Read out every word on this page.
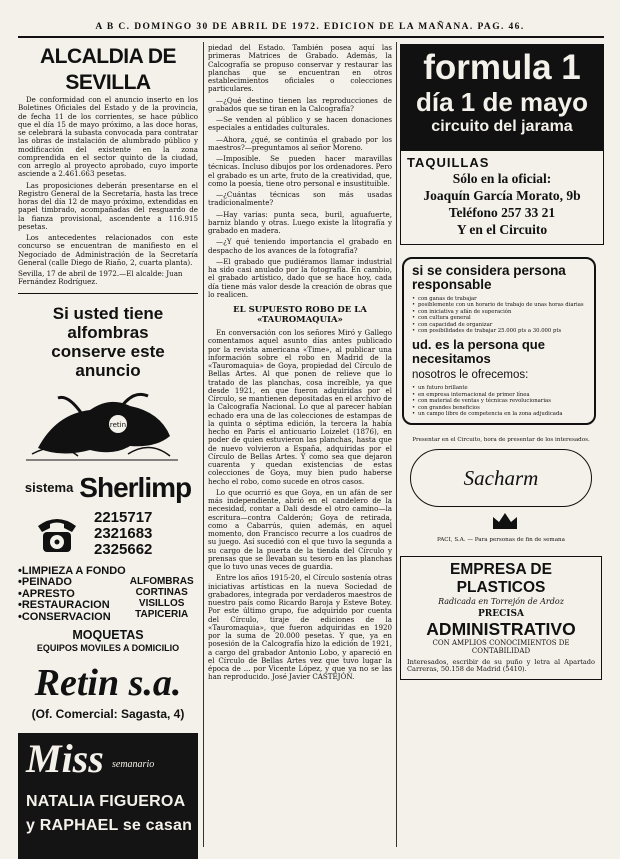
A B C. DOMINGO 30 DE ABRIL DE 1972. EDICION DE LA MAÑANA. PAG. 46.
ALCALDIA DE SEVILLA

De conformidad con el anuncio inserto en los Boletines Oficiales del Estado y de la provincia, de fecha 11 de los corrientes, se hace público que el día 15 de mayo próximo, a las doce horas, se celebrará la subasta convocada para contratar las obras de instalación de alumbrado público y modificación del existente en la zona comprendida en el sector quinto de la ciudad, con arreglo al proyecto aprobado, cuyo importe asciende a 2.461.663 pesetas.

Las proposiciones deberán presentarse en el Registro General de la Secretaría, hasta las trece horas del día 12 de mayo próximo, extendidas en papel timbrado, acompañadas del resguardo de la fianza provisional, ascendente a 116.915 pesetas.

Los antecedentes relacionados con este concurso se encuentran de manifiesto en el Negociado de Administración de la Secretaría General (calle Diego de Riaño, 2, cuarta planta).

Sevilla, 17 de abril de 1972.—El alcalde: Juan Fernández Rodríguez.
Si usted tiene alfombras
conserve este anuncio
retin
sistema Sherlimp
2215717
2321683
2325662
•LIMPIEZA A FONDO
•PEINADO
•APRESTO
•RESTAURACION
•CONSERVACION
ALFOMBRAS
CORTINAS
VISILLOS
TAPICERIA
MOQUETAS
EQUIPOS MOVILES A DOMICILIO
Retin s.a.
(Of. Comercial: Sagasta, 4)
Miss semanario
NATALIA FIGUEROA
y RAPHAEL se casan

piedad del Estado. También posea aquí las primeras Matrices de Grabado. Además, la Calcografía se propuso conservar y restaurar las planchas que se encuentran en otros establecimientos oficiales o colecciones particulares.

—¿Qué destino tienen las reproducciones de grabados que se tiran en la Calcografía?

—Se venden al público y se hacen donaciones especiales a entidades culturales.

—Ahora, ¿qué, se continúa el grabado por los maestros?—preguntamos al señor Moreno.

—Imposible. Se pueden hacer maravillas técnicas. Incluso dibujos por los ordenadores. Pero el grabado es un arte, fruto de la creatividad, que, como la poesía, tiene otro personal e insustituible.

—¿Cuántas técnicas son más usadas tradicionalmente?

—Hay varias: punta seca, buril, aguafuerte, barniz blando y otras. Luego existe la litografía y grabado en madera.

—¿Y qué teniendo importancia el grabado en despacho de los avances de la fotografía?

—El grabado que pudiéramos llamar industrial ha sido casi anulado por la fotografía. En cambio, el grabado artístico, dado que se hace hoy, cada día tiene más valor desde la creación de obras que lo realicen.

EL SUPUESTO ROBO DE LA «TAUROMAQUIA»

En conversación con los señores Miró y Gallego comentamos aquel asunto días antes publicado por la revista americana «Time», al publicar una información sobre el robo en Madrid de la «Tauromaquia» de Goya, propiedad del Círculo de Bellas Artes. Al que ponen de relieve que lo tratado de las planchas, cosa increíble, ya que desde 1921, en que fueron adquiridas por el Círculo, se mantienen depositadas en el archivo de la Calcografía Nacional. Lo que al parecer habían echado era una de las colecciones de estampas de la quinta o séptima edición, la tercera la había hecho en París el anticuario Loizelet (1876), en poder de quien estuvieron las planchas, hasta que de nuevo volvieron a España, adquiridas por el Círculo de Bellas Artes. Y como sea que dejaron cuarenta y quedan existencias de estas colecciones de Goya, muy bien pudo haberse hecho el robo, como sucede en otros casos.

Lo que ocurrió es que Goya, en un afán de ser más independiente, abrió en el candelero de la necesidad, contar a Dali desde el otro camino—la escritura—contra Calderón; Goya de retirada, como a Cabarrús, quien además, en aquel momento, don Francisco recurre a los cuadros de su juego. Así sucedió con el que tuvo la segunda a su cargo de la puerta de la tienda del Círculo y prensas que se llevaban su tesoro en las planchas que lo tuvo unas veces de guardia.

Entre los años 1915-20, el Círculo sostenía otras iniciativas artísticas en la nueva Sociedad de grabadores, integrada por verdaderos maestros de nuestro país como Ricardo Baroja y Esteve Botey. Por este último grupo, fue adquirido por cuenta del Círculo, tiraje de ediciones de la «Tauromaquia», que fueron adquiridas en 1920 por la suma de 20.000 pesetas. Y que, ya en posesión de la Calcografía hizo la edición de 1921, a cargo del grabador Antonio Lobo, y apareció en el Círculo de Bellas Artes vez que tuvo lugar la época de ... por Vicente López, y que ya no se las han reproducido. José Javier CASTEJÓN.

formula 1
día 1 de mayo
circuito del jarama
TAQUILLAS
Sólo en la oficial:
Joaquín García Morato, 9b
Teléfono 257 33 21
Y en el Circuito
si se considera persona responsable
• con ganas de trabajar
• posiblemente con un horario de trabajo de unas horas diarias
• con iniciativa y afán de superación
• con cultura general
• con capacidad de organizar
• con posibilidades de trabajar 25.000 pts a 30.000 pts
ud. es la persona que necesitamos
nosotros le ofrecemos:
• un futuro brillante
• en empresa internacional de primer línea
• con material de ventas y técnicas revolucionarias
• con grandes beneficios
• un campo libre de competencia en la zona adjudicada
Presentar en el Circuito, hora de presentar de los interesados.
Sacharm
PACI, S.A. — Para personas de fin de semana
EMPRESA DE PLASTICOS
Radicada en Torrejón de Ardoz
PRECISA
ADMINISTRATIVO
CON AMPLIOS CONOCIMIENTOS DE CONTABILIDAD
Interesados, escribir de su puño y letra al Apartado Carreras, 50.158 de Madrid (5410).
